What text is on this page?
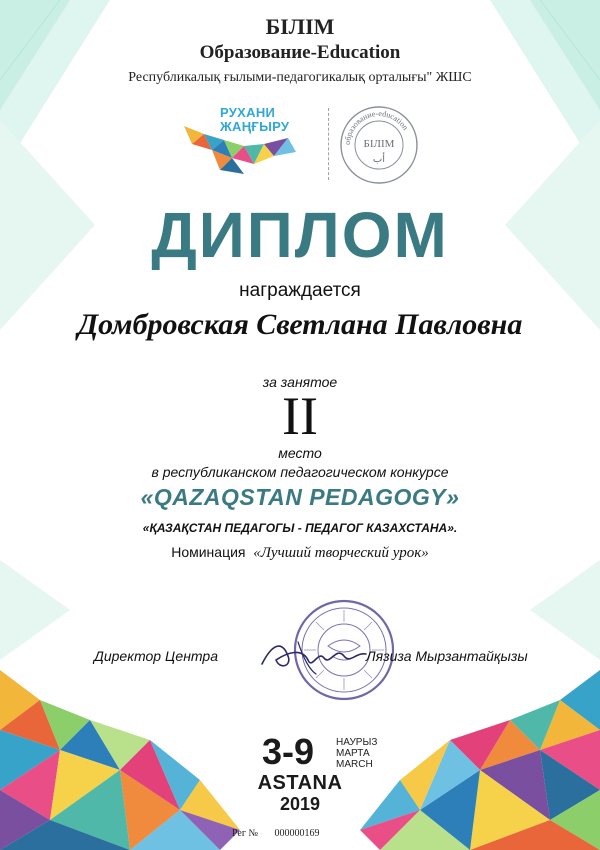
БІЛІМ
Образование-Education
Республикалық ғылыми-педагогикалық орталығы" ЖШС
РУХАНИ
ЖАҢҒЫРУ
образование-education
БІЛІМ
أب
ДИПЛОМ
награждается
Домбровская Светлана Павловна
за занятое
II
место
в республиканском педагогическом конкурсе
«QAZAQSTAN PEDAGOGY»
«ҚАЗАҚСТАН ПЕДАГОГЫ - ПЕДАГОГ КАЗАХСТАНА».
Номинация «Лучший творческий урок»
Директор Центра	Лязиза Мырзантайқызы
3-9 НАУРЫЗ
МАРТА
MARCH
ASTANA
2019
Рег № 000000169
